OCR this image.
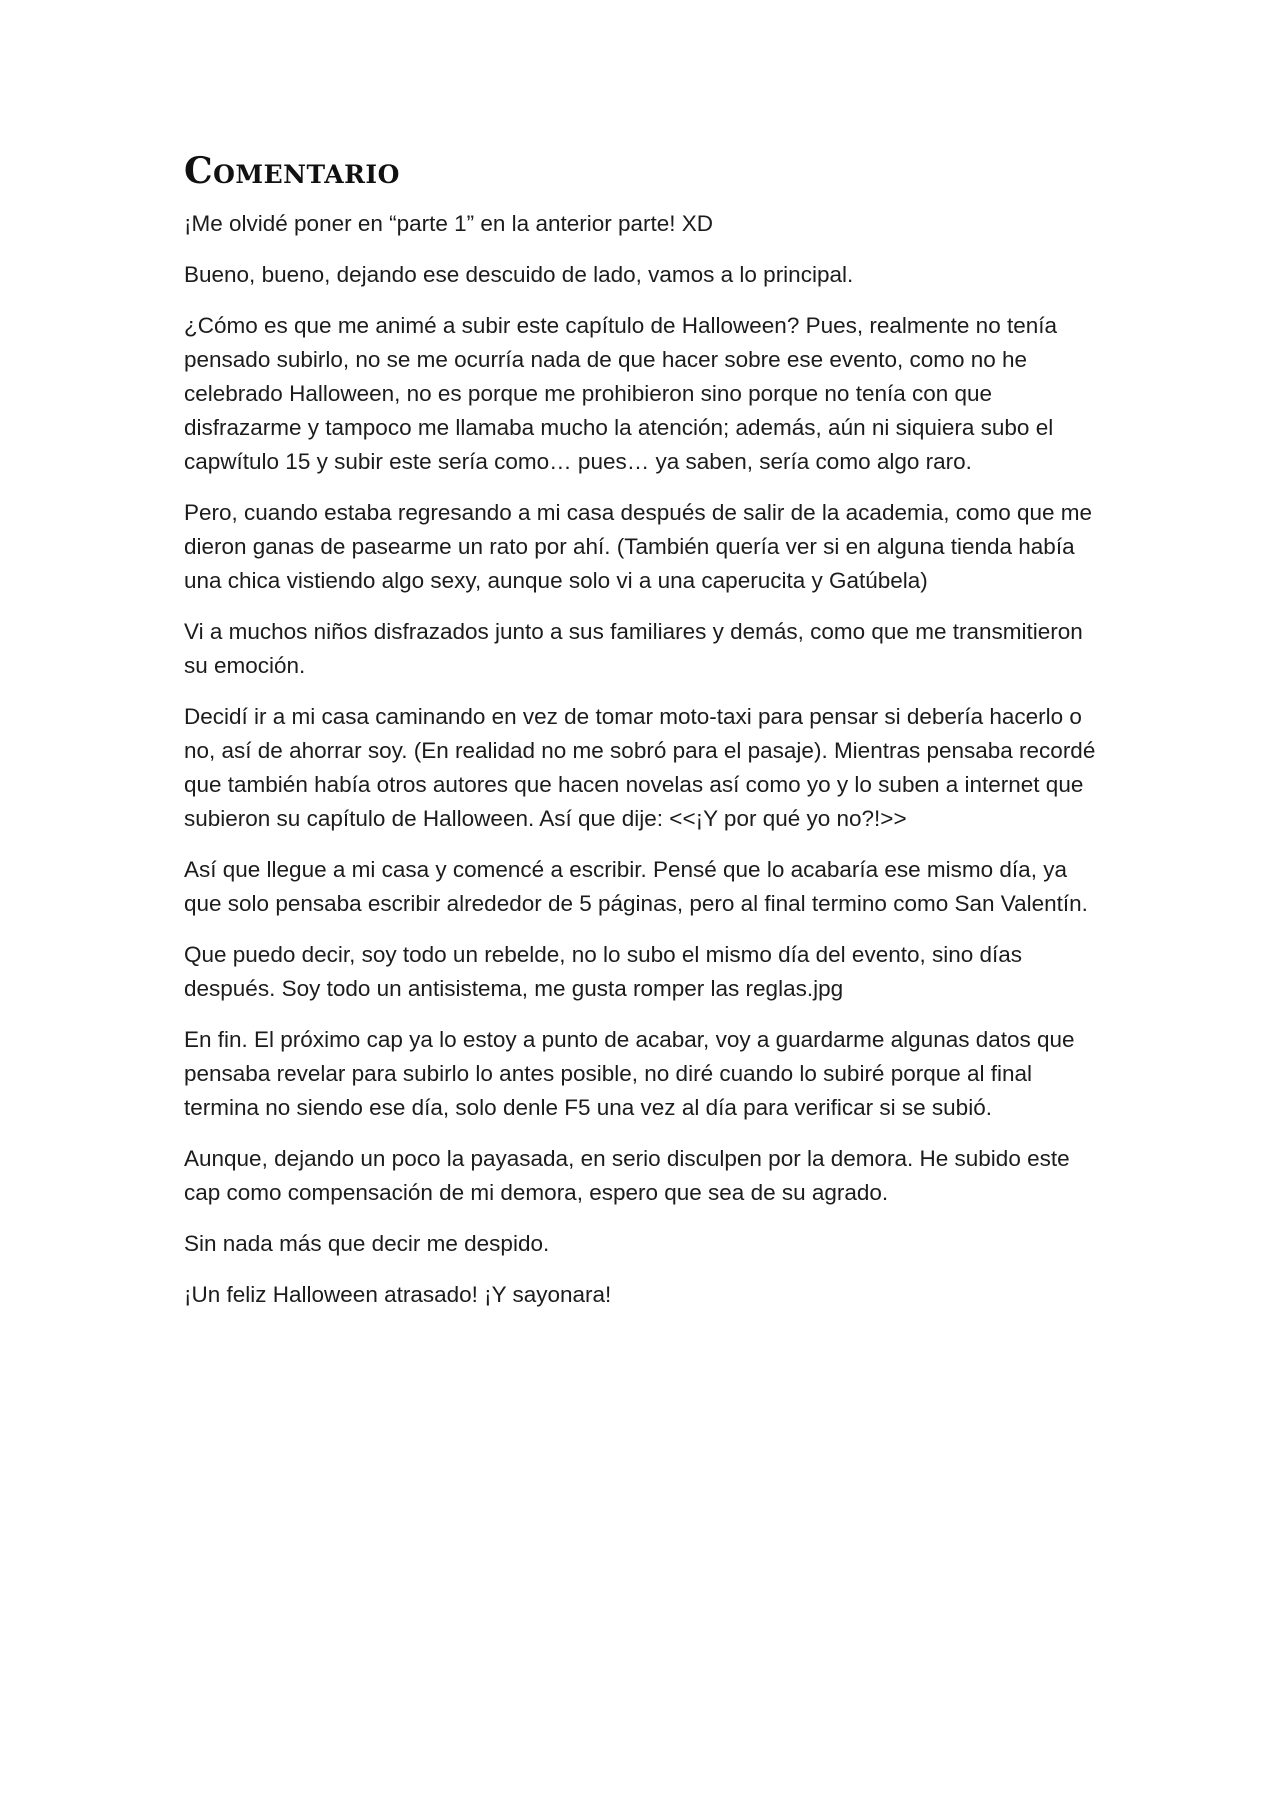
Comentario

¡Me olvidé poner en “parte 1” en la anterior parte! XD

Bueno, bueno, dejando ese descuido de lado, vamos a lo principal.

¿Cómo es que me animé a subir este capítulo de Halloween? Pues, realmente no tenía pensado subirlo, no se me ocurría nada de que hacer sobre ese evento, como no he celebrado Halloween, no es porque me prohibieron sino porque no tenía con que disfrazarme y tampoco me llamaba mucho la atención; además, aún ni siquiera subo el capwítulo 15 y subir este sería como… pues… ya saben, sería como algo raro.

Pero, cuando estaba regresando a mi casa después de salir de la academia, como que me dieron ganas de pasearme un rato por ahí. (También quería ver si en alguna tienda había una chica vistiendo algo sexy, aunque solo vi a una caperucita y Gatúbela)

Vi a muchos niños disfrazados junto a sus familiares y demás, como que me transmitieron su emoción.

Decidí ir a mi casa caminando en vez de tomar moto-taxi para pensar si debería hacerlo o no, así de ahorrar soy. (En realidad no me sobró para el pasaje). Mientras pensaba recordé que también había otros autores que hacen novelas así como yo y lo suben a internet que subieron su capítulo de Halloween. Así que dije: <<¡Y por qué yo no?!>>

Así que llegue a mi casa y comencé a escribir. Pensé que lo acabaría ese mismo día, ya que solo pensaba escribir alrededor de 5 páginas, pero al final termino como San Valentín.

Que puedo decir, soy todo un rebelde, no lo subo el mismo día del evento, sino días después. Soy todo un antisistema, me gusta romper las reglas.jpg

En fin. El próximo cap ya lo estoy a punto de acabar, voy a guardarme algunas datos que pensaba revelar para subirlo lo antes posible, no diré cuando lo subiré porque al final termina no siendo ese día, solo denle F5 una vez al día para verificar si se subió.

Aunque, dejando un poco la payasada, en serio disculpen por la demora. He subido este cap como compensación de mi demora, espero que sea de su agrado.

Sin nada más que decir me despido.

¡Un feliz Halloween atrasado! ¡Y sayonara!
